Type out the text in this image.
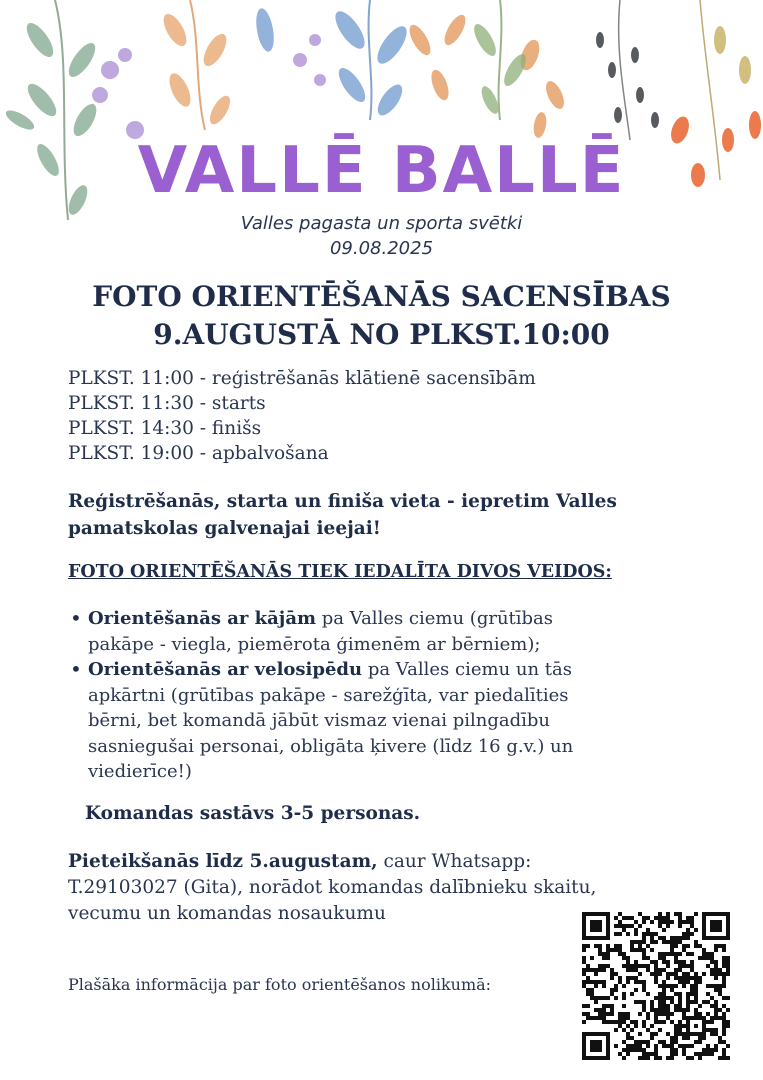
VALLĒ BALLĒ
Valles pagasta un sporta svētki
09.08.2025
FOTO ORIENTĒŠANĀS SACENSĪBAS
9.AUGUSTĀ NO PLKST.10:00
PLKST. 11:00 - reģistrēšanās klātienē sacensībām
PLKST. 11:30 - starts
PLKST. 14:30 - finišs
PLKST. 19:00 - apbalvošana
Reģistrēšanās, starta un finiša vieta - iepretim Valles
pamatskolas galvenajai ieejai!
FOTO ORIENTĒŠANĀS TIEK IEDALĪTA DIVOS VEIDOS:
• Orientēšanās ar kājām pa Valles ciemu (grūtības
pakāpe - viegla, piemērota ģimenēm ar bērniem);
• Orientēšanās ar velosipēdu pa Valles ciemu un tās
apkārtni (grūtības pakāpe - sarežģīta, var piedalīties
bērni, bet komandā jābūt vismaz vienai pilngadību
sasniegušai personai, obligāta ķivere (līdz 16 g.v.) un
viedierīce!)
Komandas sastāvs 3-5 personas.
Pieteikšanās līdz 5.augustam, caur Whatsapp:
T.29103027 (Gita), norādot komandas dalībnieku skaitu,
vecumu un komandas nosaukumu
Plašāka informācija par foto orientēšanos nolikumā:
